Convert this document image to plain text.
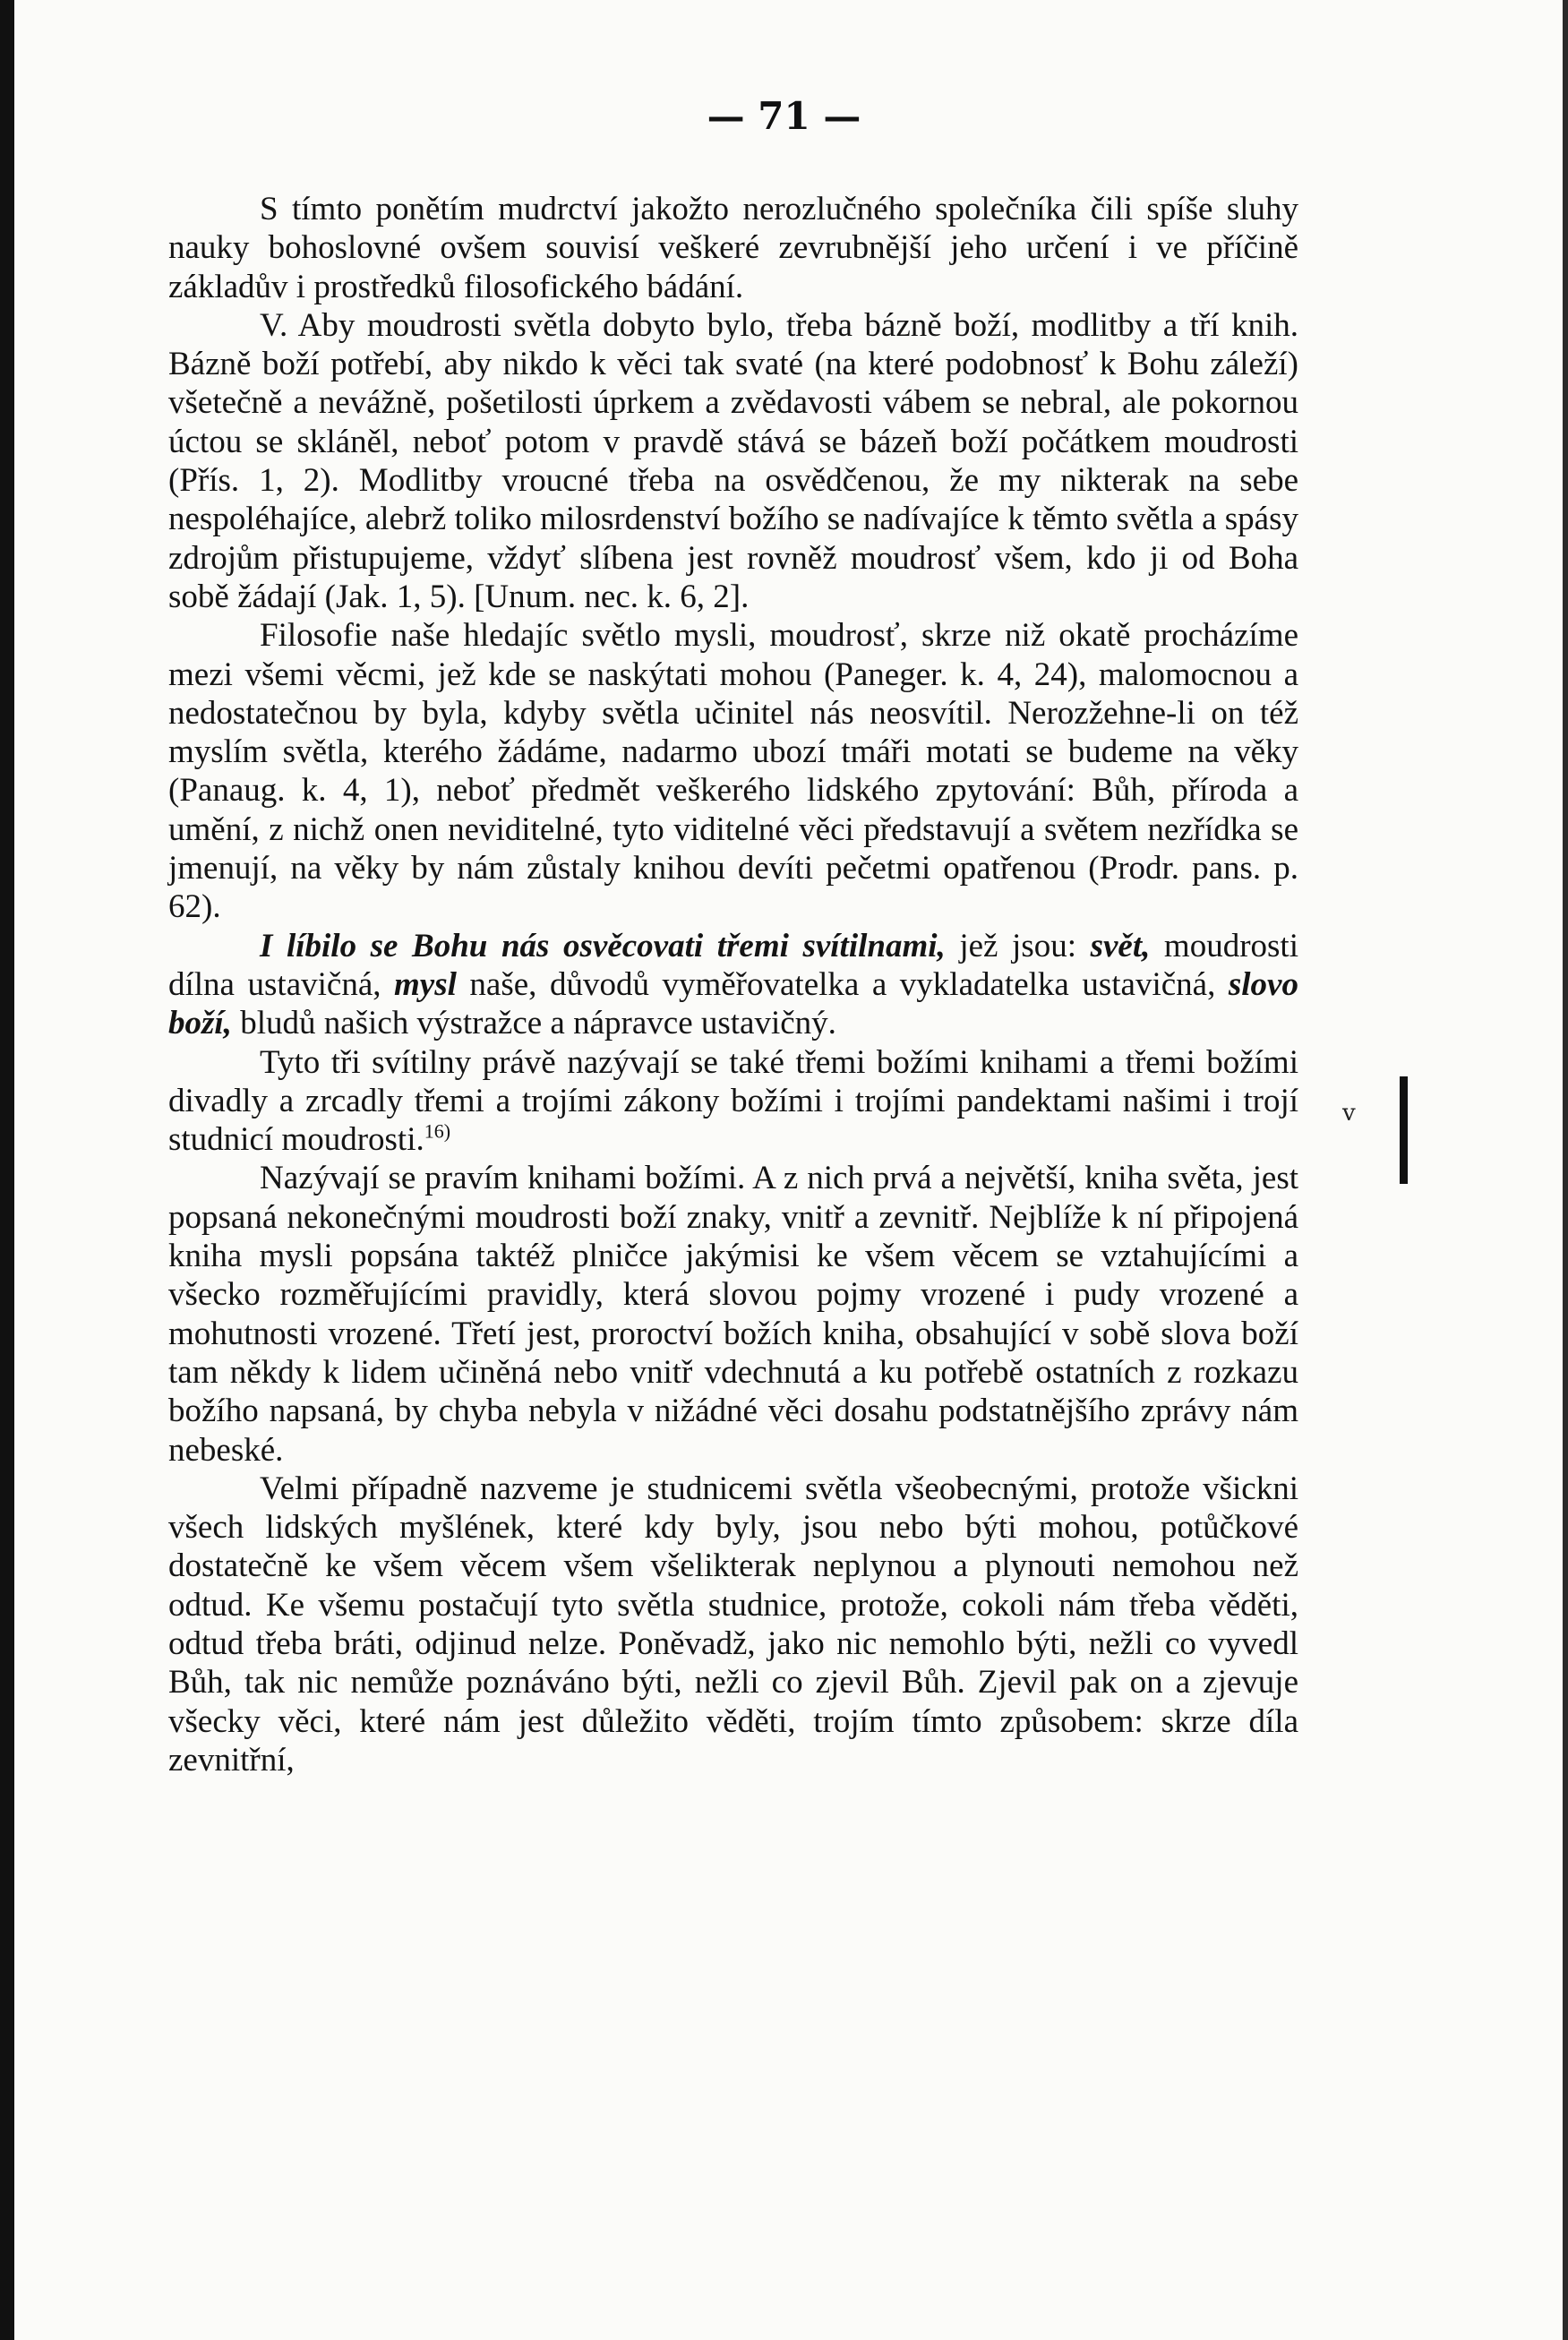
v
— 71 —

S tímto ponětím mudrctví jakožto nerozlučného společníka čili spíše sluhy nauky bohoslovné ovšem souvisí veškeré zevrubnější jeho určení i ve příčině základův i prostředků filosofického bádání.

V. Aby moudrosti světla dobyto bylo, třeba bázně boží, modlitby a tří knih. Bázně boží potřebí, aby nikdo k věci tak svaté (na které podobnosť k Bohu záleží) všetečně a nevážně, pošetilosti úprkem a zvědavosti vábem se nebral, ale pokornou úctou se skláněl, neboť potom v pravdě stává se bázeň boží počátkem moudrosti (Přís. 1, 2). Modlitby vroucné třeba na osvědčenou, že my nikterak na sebe nespoléhajíce, alebrž toliko milosrdenství božího se nadívajíce k těmto světla a spásy zdrojům přistupujeme, vždyť slíbena jest rovněž moudrosť všem, kdo ji od Boha sobě žádají (Jak. 1, 5). [Unum. nec. k. 6, 2].

Filosofie naše hledajíc světlo mysli, moudrosť, skrze niž okatě procházíme mezi všemi věcmi, jež kde se naskýtati mohou (Paneger. k. 4, 24), malomocnou a nedostatečnou by byla, kdyby světla učinitel nás neosvítil. Nerozžehne-li on též myslím světla, kterého žádáme, nadarmo ubozí tmáři motati se budeme na věky (Panaug. k. 4, 1), neboť předmět veškerého lidského zpytování: Bůh, příroda a umění, z nichž onen neviditelné, tyto viditelné věci představují a světem nezřídka se jmenují, na věky by nám zůstaly knihou devíti pečetmi opatřenou (Prodr. pans. p. 62).

I líbilo se Bohu nás osvěcovati třemi svítilnami, jež jsou: svět, moudrosti dílna ustavičná, mysl naše, důvodů vyměřovatelka a vykladatelka ustavičná, slovo boží, bludů našich výstražce a nápravce ustavičný.

Tyto tři svítilny právě nazývají se také třemi božími knihami a třemi božími divadly a zrcadly třemi a trojími zákony božími i trojími pandektami našimi i trojí studnicí moudrosti.$^{16)}$

Nazývají se pravím knihami božími. A z nich prvá a největší, kniha světa, jest popsaná nekonečnými moudrosti boží znaky, vnitř a zevnitř. Nejblíže k ní připojená kniha mysli popsána taktéž plničce jakýmisi ke všem věcem se vztahujícími a všecko rozměřujícími pravidly, která slovou pojmy vrozené i pudy vrozené a mohutnosti vrozené. Třetí jest, proroctví božích kniha, obsahující v sobě slova boží tam někdy k lidem učiněná nebo vnitř vdechnutá a ku potřebě ostatních z rozkazu božího napsaná, by chyba nebyla v nižádné věci dosahu podstatnějšího zprávy nám nebeské.

Velmi případně nazveme je studnicemi světla všeobecnými, protože všickni všech lidských myšlének, které kdy byly, jsou nebo býti mohou, potůčkové dostatečně ke všem věcem všem všelikterak neplynou a plynouti nemohou než odtud. Ke všemu postačují tyto světla studnice, protože, cokoli nám třeba věděti, odtud třeba bráti, odjinud nelze. Poněvadž, jako nic nemohlo býti, nežli co vyvedl Bůh, tak nic nemůže poznáváno býti, nežli co zjevil Bůh. Zjevil pak on a zjevuje všecky věci, které nám jest důležito věděti, trojím tímto způsobem: skrze díla zevnitřní,
